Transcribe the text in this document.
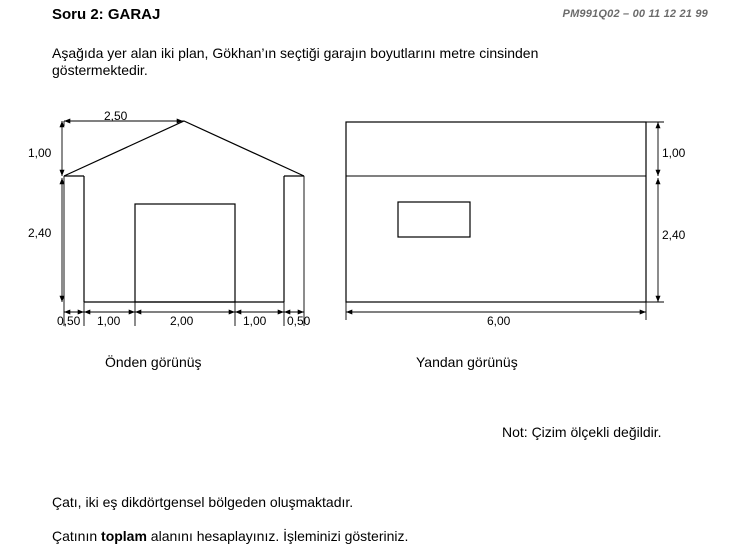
Soru 2: GARAJ	PM991Q02 – 00 11 12 21 99
Aşağıda yer alan iki plan, Gökhan’ın seçtiği garajın boyutlarını metre cinsinden
göstermektedir.
2,50
1,00
2,40
0,50 1,00	2,00	1,00 0,50
1,00
2,40
6,00
Önden görünüş	Yandan görünüş
Not: Çizim ölçekli değildir.
Çatı, iki eş dikdörtgensel bölgeden oluşmaktadır.
Çatının toplam alanını hesaplayınız. İşleminizi gösteriniz.
